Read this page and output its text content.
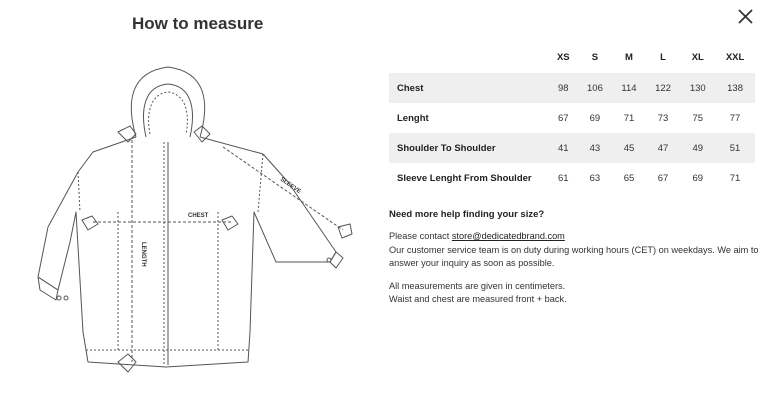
How to measure
CHEST
LENGTH
SLEEVE
	XS	S	M	L	XL	XXL
Chest	98	106	114	122	130	138
Lenght	67	69	71	73	75	77
Shoulder To Shoulder	41	43	45	47	49	51
Sleeve Lenght From Shoulder	61	63	65	67	69	71
Need more help finding your size?

Please contact store@dedicatedbrand.com

Our customer service team is on duty during working hours (CET) on weekdays. We aim to answer your inquiry as soon as possible.

All measurements are given in centimeters.

Waist and chest are measured front + back.
